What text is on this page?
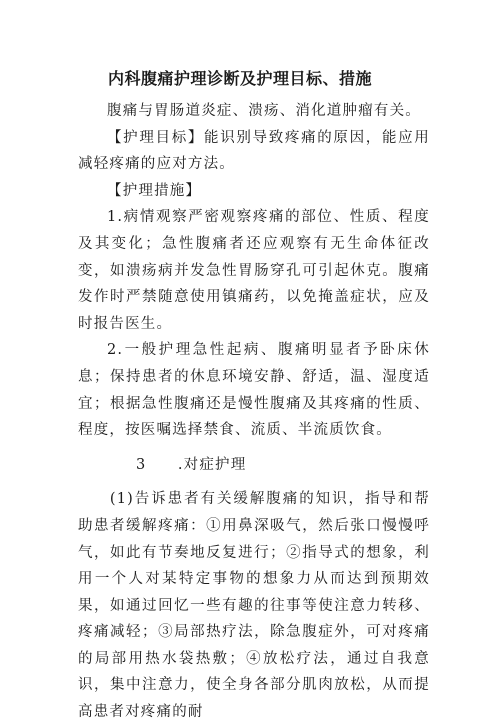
内科腹痛护理诊断及护理目标、措施

腹痛与胃肠道炎症、溃疡、消化道肿瘤有关。

【护理目标】能识别导致疼痛的原因，能应用减轻疼痛的应对方法。

【护理措施】

1.病情观察严密观察疼痛的部位、性质、程度及其变化；急性腹痛者还应观察有无生命体征改变，如溃疡病并发急性胃肠穿孔可引起休克。腹痛发作时严禁随意使用镇痛药，以免掩盖症状，应及时报告医生。

2.一般护理急性起病、腹痛明显者予卧床休息；保持患者的休息环境安静、舒适，温、湿度适宜；根据急性腹痛还是慢性腹痛及其疼痛的性质、程度，按医嘱选择禁食、流质、半流质饮食。

3　　.对症护理

(1)告诉患者有关缓解腹痛的知识，指导和帮助患者缓解疼痛：①用鼻深吸气，然后张口慢慢呼气，如此有节奏地反复进行；②指导式的想象，利用一个人对某特定事物的想象力从而达到预期效果，如通过回忆一些有趣的往事等使注意力转移、疼痛减轻；③局部热疗法，除急腹症外，可对疼痛的局部用热水袋热敷；④放松疗法，通过自我意识，集中注意力，使全身各部分肌肉放松，从而提高患者对疼痛的耐
